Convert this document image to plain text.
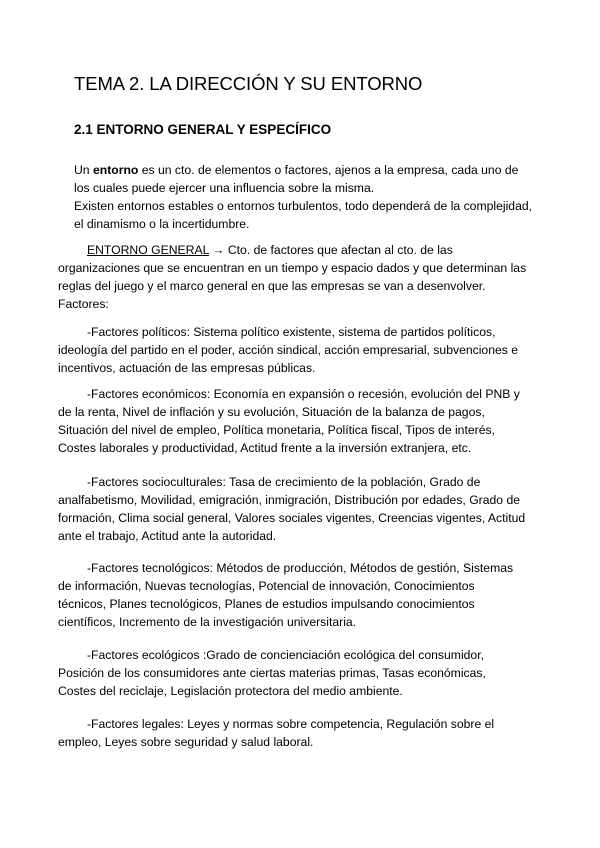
TEMA 2. LA DIRECCIÓN Y SU ENTORNO
2.1 ENTORNO GENERAL Y ESPECÍFICO

Un entorno es un cto. de elementos o factores, ajenos a la empresa, cada uno de
los cuales puede ejercer una influencia sobre la misma.
Existen entornos estables o entornos turbulentos, todo dependerá de la complejidad,
el dinamismo o la incertidumbre.

ENTORNO GENERAL → Cto. de factores que afectan al cto. de las
organizaciones que se encuentran en un tiempo y espacio dados y que determinan las
reglas del juego y el marco general en que las empresas se van a desenvolver.
Factores:

-Factores políticos: Sistema político existente, sistema de partidos políticos,
ideología del partido en el poder, acción sindical, acción empresarial, subvenciones e
incentivos, actuación de las empresas públicas.

-Factores económicos: Economía en expansión o recesión, evolución del PNB y
de la renta, Nivel de inflación y su evolución, Situación de la balanza de pagos,
Situación del nivel de empleo, Política monetaria, Política fiscal, Tipos de interés,
Costes laborales y productividad, Actitud frente a la inversión extranjera, etc.

-Factores socioculturales: Tasa de crecimiento de la población, Grado de
analfabetismo, Movilidad, emigración, inmigración, Distribución por edades, Grado de
formación, Clima social general, Valores sociales vigentes, Creencias vigentes, Actitud
ante el trabajo, Actitud ante la autoridad.

-Factores tecnológicos: Métodos de producción, Métodos de gestión, Sistemas
de información, Nuevas tecnologías, Potencial de innovación, Conocimientos
técnicos, Planes tecnológicos, Planes de estudios impulsando conocimientos
científicos, Incremento de la investigación universitaria.

-Factores ecológicos :Grado de concienciación ecológica del consumidor,
Posición de los consumidores ante ciertas materias primas, Tasas económicas,
Costes del reciclaje, Legislación protectora del medio ambiente.

-Factores legales: Leyes y normas sobre competencia, Regulación sobre el
empleo, Leyes sobre seguridad y salud laboral.
